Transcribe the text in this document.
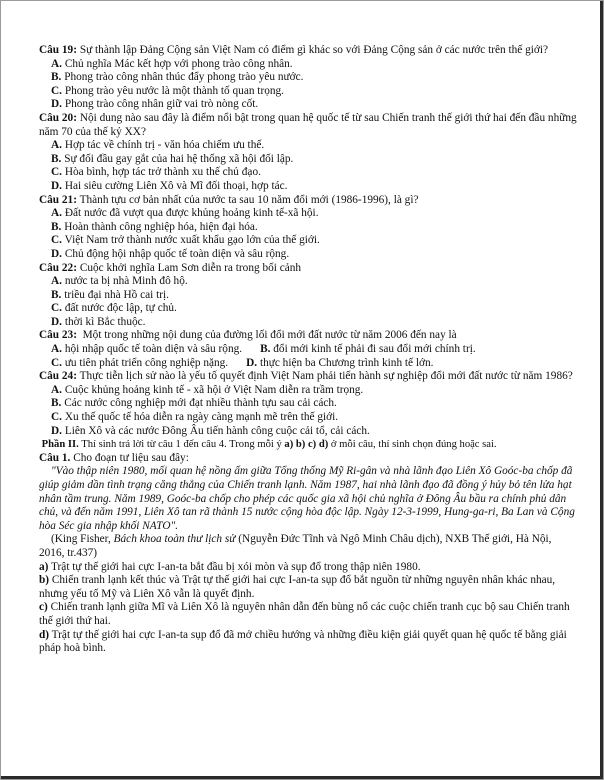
Câu 19: Sự thành lập Đảng Cộng sản Việt Nam có điểm gì khác so với Đảng Cộng sản ở các nước trên thế giới?

A. Chủ nghĩa Mác kết hợp với phong trào công nhân.

B. Phong trào công nhân thúc đẩy phong trào yêu nước.

C. Phong trào yêu nước là một thành tố quan trọng.

D. Phong trào công nhân giữ vai trò nòng cốt.

Câu 20: Nội dung nào sau đây là điểm nổi bật trong quan hệ quốc tế từ sau Chiến tranh thế giới thứ hai đến đầu những năm 70 của thế kỷ XX?

A. Hợp tác về chính trị - văn hóa chiếm ưu thế.

B. Sự đối đầu gay gắt của hai hệ thống xã hội đối lập.

C. Hòa bình, hợp tác trở thành xu thế chủ đạo.

D. Hai siêu cường Liên Xô và Mĩ đối thoại, hợp tác.

Câu 21: Thành tựu cơ bản nhất của nước ta sau 10 năm đổi mới (1986-1996), là gì?

A. Đất nước đã vượt qua được khủng hoảng kinh tế-xã hội.

B. Hoàn thành công nghiệp hóa, hiện đại hóa.

C. Việt Nam trở thành nước xuất khẩu gạo lớn của thế giới.

D. Chủ động hội nhập quốc tế toàn diện và sâu rộng.

Câu 22: Cuộc khởi nghĩa Lam Sơn diễn ra trong bối cảnh

A. nước ta bị nhà Minh đô hộ.

B. triều đại nhà Hồ cai trị.

C. đất nước độc lập, tự chủ.

D. thời kì Bắc thuộc.

Câu 23: Một trong những nội dung của đường lối đổi mới đất nước từ năm 2006 đến nay là

A. hội nhập quốc tế toàn diện và sâu rộng. B. đổi mới kinh tế phải đi sau đổi mới chính trị.
C. ưu tiên phát triển công nghiệp nặng. D. thực hiện ba Chương trình kinh tế lớn.

Câu 24: Thực tiễn lịch sử nào là yếu tố quyết định Việt Nam phải tiến hành sự nghiệp đổi mới đất nước từ năm 1986?

A. Cuộc khủng hoảng kinh tế - xã hội ở Việt Nam diễn ra trầm trọng.

B. Các nước công nghiệp mới đạt nhiều thành tựu sau cải cách.

C. Xu thế quốc tế hóa diễn ra ngày càng mạnh mẽ trên thế giới.

D. Liên Xô và các nước Đông Âu tiến hành công cuộc cải tổ, cải cách.

Phần II. Thí sinh trả lời từ câu 1 đến câu 4. Trong mỗi ý a) b) c) d) ở mỗi câu, thí sinh chọn đúng hoặc sai.

Câu 1. Cho đoạn tư liệu sau đây:

"Vào thập niên 1980, mối quan hệ nồng ấm giữa Tổng thống Mỹ Ri-gân và nhà lãnh đạo Liên Xô Goóc-ba chốp đã giúp giảm dần tình trạng căng thẳng của Chiến tranh lạnh. Năm 1987, hai nhà lãnh đạo đã đồng ý hủy bỏ tên lửa hạt nhân tầm trung. Năm 1989, Goóc-ba chốp cho phép các quốc gia xã hội chủ nghĩa ở Đông Âu bầu ra chính phủ dân chủ, và đến năm 1991, Liên Xô tan rã thành 15 nước cộng hòa độc lập. Ngày 12-3-1999, Hung-ga-ri, Ba Lan và Cộng hòa Séc gia nhập khối NATO".

(King Fisher, Bách khoa toàn thư lịch sử (Nguyễn Đức Tĩnh và Ngô Minh Châu dịch), NXB Thế giới, Hà Nội, 2016, tr.437)

a) Trật tự thế giới hai cực I-an-ta bắt đầu bị xói mòn và sụp đổ trong thập niên 1980.

b) Chiến tranh lạnh kết thúc và Trật tự thế giới hai cực I-an-ta sụp đổ bắt nguồn từ những nguyên nhân khác nhau, nhưng yếu tố Mỹ và Liên Xô vẫn là quyết định.

c) Chiến tranh lạnh giữa Mĩ và Liên Xô là nguyên nhân dẫn đến bùng nổ các cuộc chiến tranh cục bộ sau Chiến tranh thế giới thứ hai.

d) Trật tự thế giới hai cực I-an-ta sụp đổ đã mở chiều hướng và những điều kiện giải quyết quan hệ quốc tế bằng giải pháp hoà bình.
